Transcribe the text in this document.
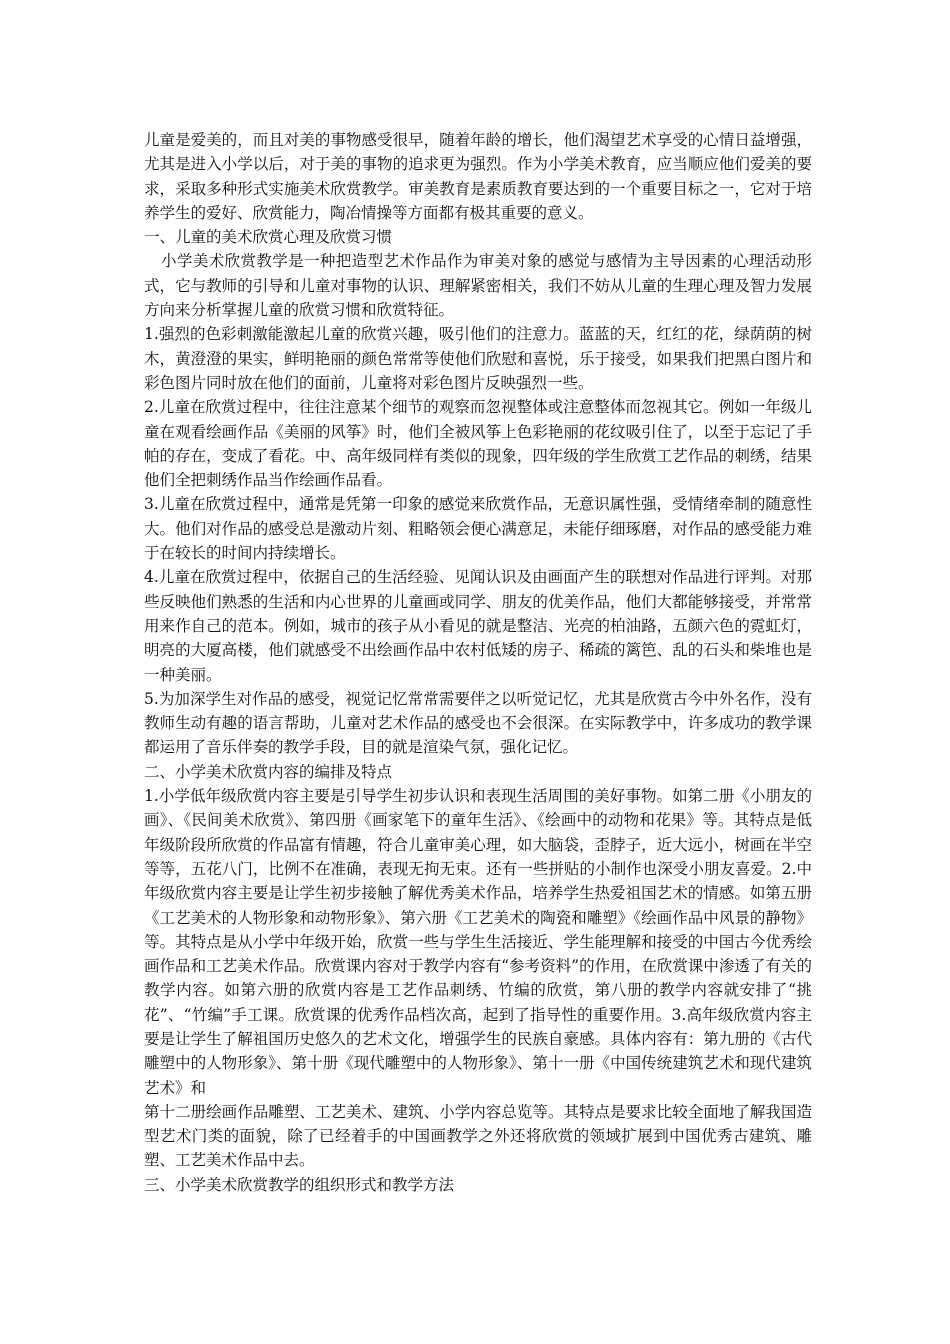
儿童是爱美的，而且对美的事物感受很早，随着年龄的增长，他们渴望艺术享受的心情日益增强，尤其是进入小学以后，对于美的事物的追求更为强烈。作为小学美术教育，应当顺应他们爱美的要求，采取多种形式实施美术欣赏教学。审美教育是素质教育要达到的一个重要目标之一，它对于培养学生的爱好、欣赏能力，陶冶情操等方面都有极其重要的意义。

一、儿童的美术欣赏心理及欣赏习惯

小学美术欣赏教学是一种把造型艺术作品作为审美对象的感觉与感情为主导因素的心理活动形式，它与教师的引导和儿童对事物的认识、理解紧密相关，我们不妨从儿童的生理心理及智力发展方向来分析掌握儿童的欣赏习惯和欣赏特征。

1.强烈的色彩刺激能激起儿童的欣赏兴趣，吸引他们的注意力。蓝蓝的天，红红的花，绿荫荫的树木，黄澄澄的果实，鲜明艳丽的颜色常常等使他们欣慰和喜悦，乐于接受，如果我们把黑白图片和彩色图片同时放在他们的面前，儿童将对彩色图片反映强烈一些。

2.儿童在欣赏过程中，往往注意某个细节的观察而忽视整体或注意整体而忽视其它。例如一年级儿童在观看绘画作品《美丽的风筝》时，他们全被风筝上色彩艳丽的花纹吸引住了，以至于忘记了手帕的存在，变成了看花。中、高年级同样有类似的现象，四年级的学生欣赏工艺作品的刺绣，结果他们全把刺绣作品当作绘画作品看。

3.儿童在欣赏过程中，通常是凭第一印象的感觉来欣赏作品，无意识属性强，受情绪牵制的随意性大。他们对作品的感受总是激动片刻、粗略领会便心满意足，未能仔细琢磨，对作品的感受能力难于在较长的时间内持续增长。

4.儿童在欣赏过程中，依据自己的生活经验、见闻认识及由画面产生的联想对作品进行评判。对那些反映他们熟悉的生活和内心世界的儿童画或同学、朋友的优美作品，他们大都能够接受，并常常用来作自己的范本。例如，城市的孩子从小看见的就是整洁、光亮的柏油路，五颜六色的霓虹灯，明亮的大厦高楼，他们就感受不出绘画作品中农村低矮的房子、稀疏的篱笆、乱的石头和柴堆也是一种美丽。

5.为加深学生对作品的感受，视觉记忆常常需要伴之以听觉记忆，尤其是欣赏古今中外名作，没有教师生动有趣的语言帮助，儿童对艺术作品的感受也不会很深。在实际教学中，许多成功的教学课都运用了音乐伴奏的教学手段，目的就是渲染气氛，强化记忆。

二、小学美术欣赏内容的编排及特点

1.小学低年级欣赏内容主要是引导学生初步认识和表现生活周围的美好事物。如第二册《小朋友的画》、《民间美术欣赏》、第四册《画家笔下的童年生活》、《绘画中的动物和花果》等。其特点是低年级阶段所欣赏的作品富有情趣，符合儿童审美心理，如大脑袋，歪脖子，近大远小，树画在半空等等，五花八门，比例不在准确，表现无拘无束。还有一些拼贴的小制作也深受小朋友喜爱。2.中年级欣赏内容主要是让学生初步接触了解优秀美术作品，培养学生热爱祖国艺术的情感。如第五册《工艺美术的人物形象和动物形象》、第六册《工艺美术的陶瓷和雕塑》《绘画作品中风景的静物》等。其特点是从小学中年级开始，欣赏一些与学生生活接近、学生能理解和接受的中国古今优秀绘画作品和工艺美术作品。欣赏课内容对于教学内容有“参考资料”的作用，在欣赏课中渗透了有关的教学内容。如第六册的欣赏内容是工艺作品刺绣、竹编的欣赏，第八册的教学内容就安排了“挑花”、“竹编”手工课。欣赏课的优秀作品档次高，起到了指导性的重要作用。3.高年级欣赏内容主要是让学生了解祖国历史悠久的艺术文化，增强学生的民族自豪感。具体内容有：第九册的《古代雕塑中的人物形象》、第十册《现代雕塑中的人物形象》、第十一册《中国传统建筑艺术和现代建筑艺术》和

第十二册绘画作品雕塑、工艺美术、建筑、小学内容总览等。其特点是要求比较全面地了解我国造型艺术门类的面貌，除了已经着手的中国画教学之外还将欣赏的领域扩展到中国优秀古建筑、雕塑、工艺美术作品中去。

三、小学美术欣赏教学的组织形式和教学方法
